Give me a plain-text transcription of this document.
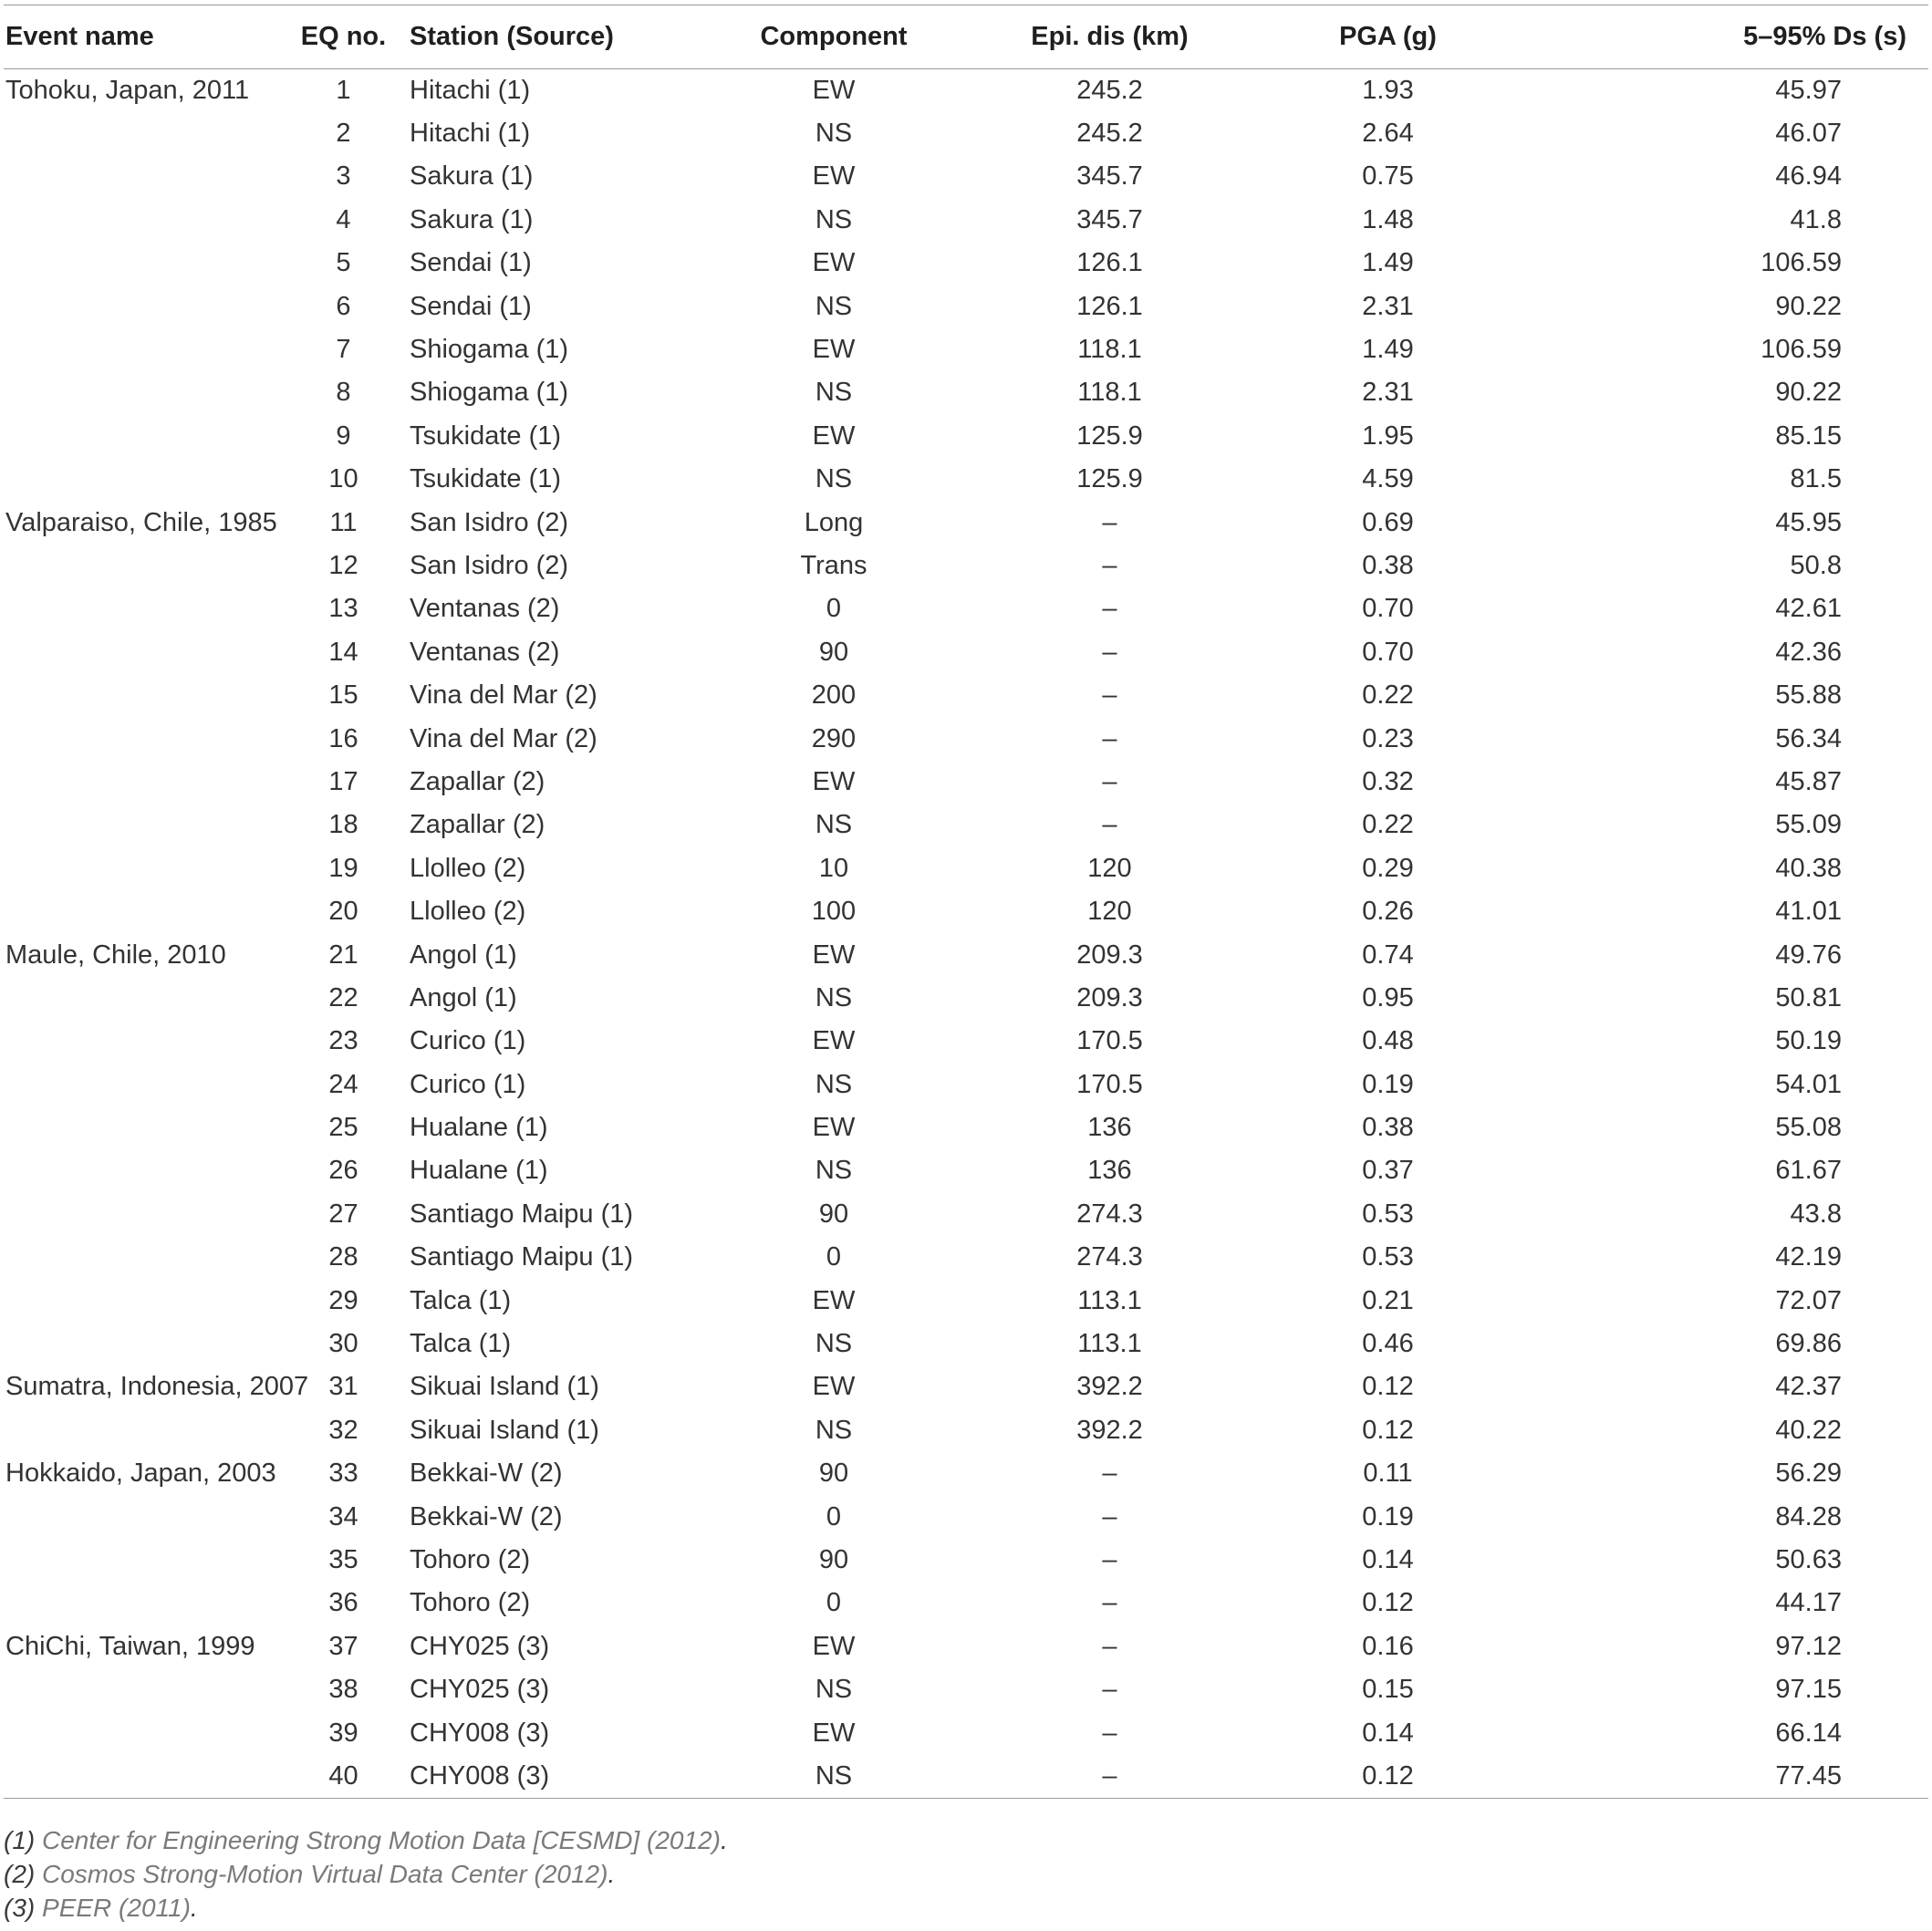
Event name	EQ no.	Station (Source)	Component	Epi. dis (km)	PGA (g)	5–95% Ds (s)
Tohoku, Japan, 2011	1	Hitachi (1)	EW	245.2	1.93	45.97
	2	Hitachi (1)	NS	245.2	2.64	46.07
	3	Sakura (1)	EW	345.7	0.75	46.94
	4	Sakura (1)	NS	345.7	1.48	41.8
	5	Sendai (1)	EW	126.1	1.49	106.59
	6	Sendai (1)	NS	126.1	2.31	90.22
	7	Shiogama (1)	EW	118.1	1.49	106.59
	8	Shiogama (1)	NS	118.1	2.31	90.22
	9	Tsukidate (1)	EW	125.9	1.95	85.15
	10	Tsukidate (1)	NS	125.9	4.59	81.5
Valparaiso, Chile, 1985	11	San Isidro (2)	Long	–	0.69	45.95
	12	San Isidro (2)	Trans	–	0.38	50.8
	13	Ventanas (2)	0	–	0.70	42.61
	14	Ventanas (2)	90	–	0.70	42.36
	15	Vina del Mar (2)	200	–	0.22	55.88
	16	Vina del Mar (2)	290	–	0.23	56.34
	17	Zapallar (2)	EW	–	0.32	45.87
	18	Zapallar (2)	NS	–	0.22	55.09
	19	Llolleo (2)	10	120	0.29	40.38
	20	Llolleo (2)	100	120	0.26	41.01
Maule, Chile, 2010	21	Angol (1)	EW	209.3	0.74	49.76
	22	Angol (1)	NS	209.3	0.95	50.81
	23	Curico (1)	EW	170.5	0.48	50.19
	24	Curico (1)	NS	170.5	0.19	54.01
	25	Hualane (1)	EW	136	0.38	55.08
	26	Hualane (1)	NS	136	0.37	61.67
	27	Santiago Maipu (1)	90	274.3	0.53	43.8
	28	Santiago Maipu (1)	0	274.3	0.53	42.19
	29	Talca (1)	EW	113.1	0.21	72.07
	30	Talca (1)	NS	113.1	0.46	69.86
Sumatra, Indonesia, 2007	31	Sikuai Island (1)	EW	392.2	0.12	42.37
	32	Sikuai Island (1)	NS	392.2	0.12	40.22
Hokkaido, Japan, 2003	33	Bekkai-W (2)	90	–	0.11	56.29
	34	Bekkai-W (2)	0	–	0.19	84.28
	35	Tohoro (2)	90	–	0.14	50.63
	36	Tohoro (2)	0	–	0.12	44.17
ChiChi, Taiwan, 1999	37	CHY025 (3)	EW	–	0.16	97.12
	38	CHY025 (3)	NS	–	0.15	97.15
	39	CHY008 (3)	EW	–	0.14	66.14
	40	CHY008 (3)	NS	–	0.12	77.45
(1) Center for Engineering Strong Motion Data [CESMD] (2012).
(2) Cosmos Strong-Motion Virtual Data Center (2012).
(3) PEER (2011).
